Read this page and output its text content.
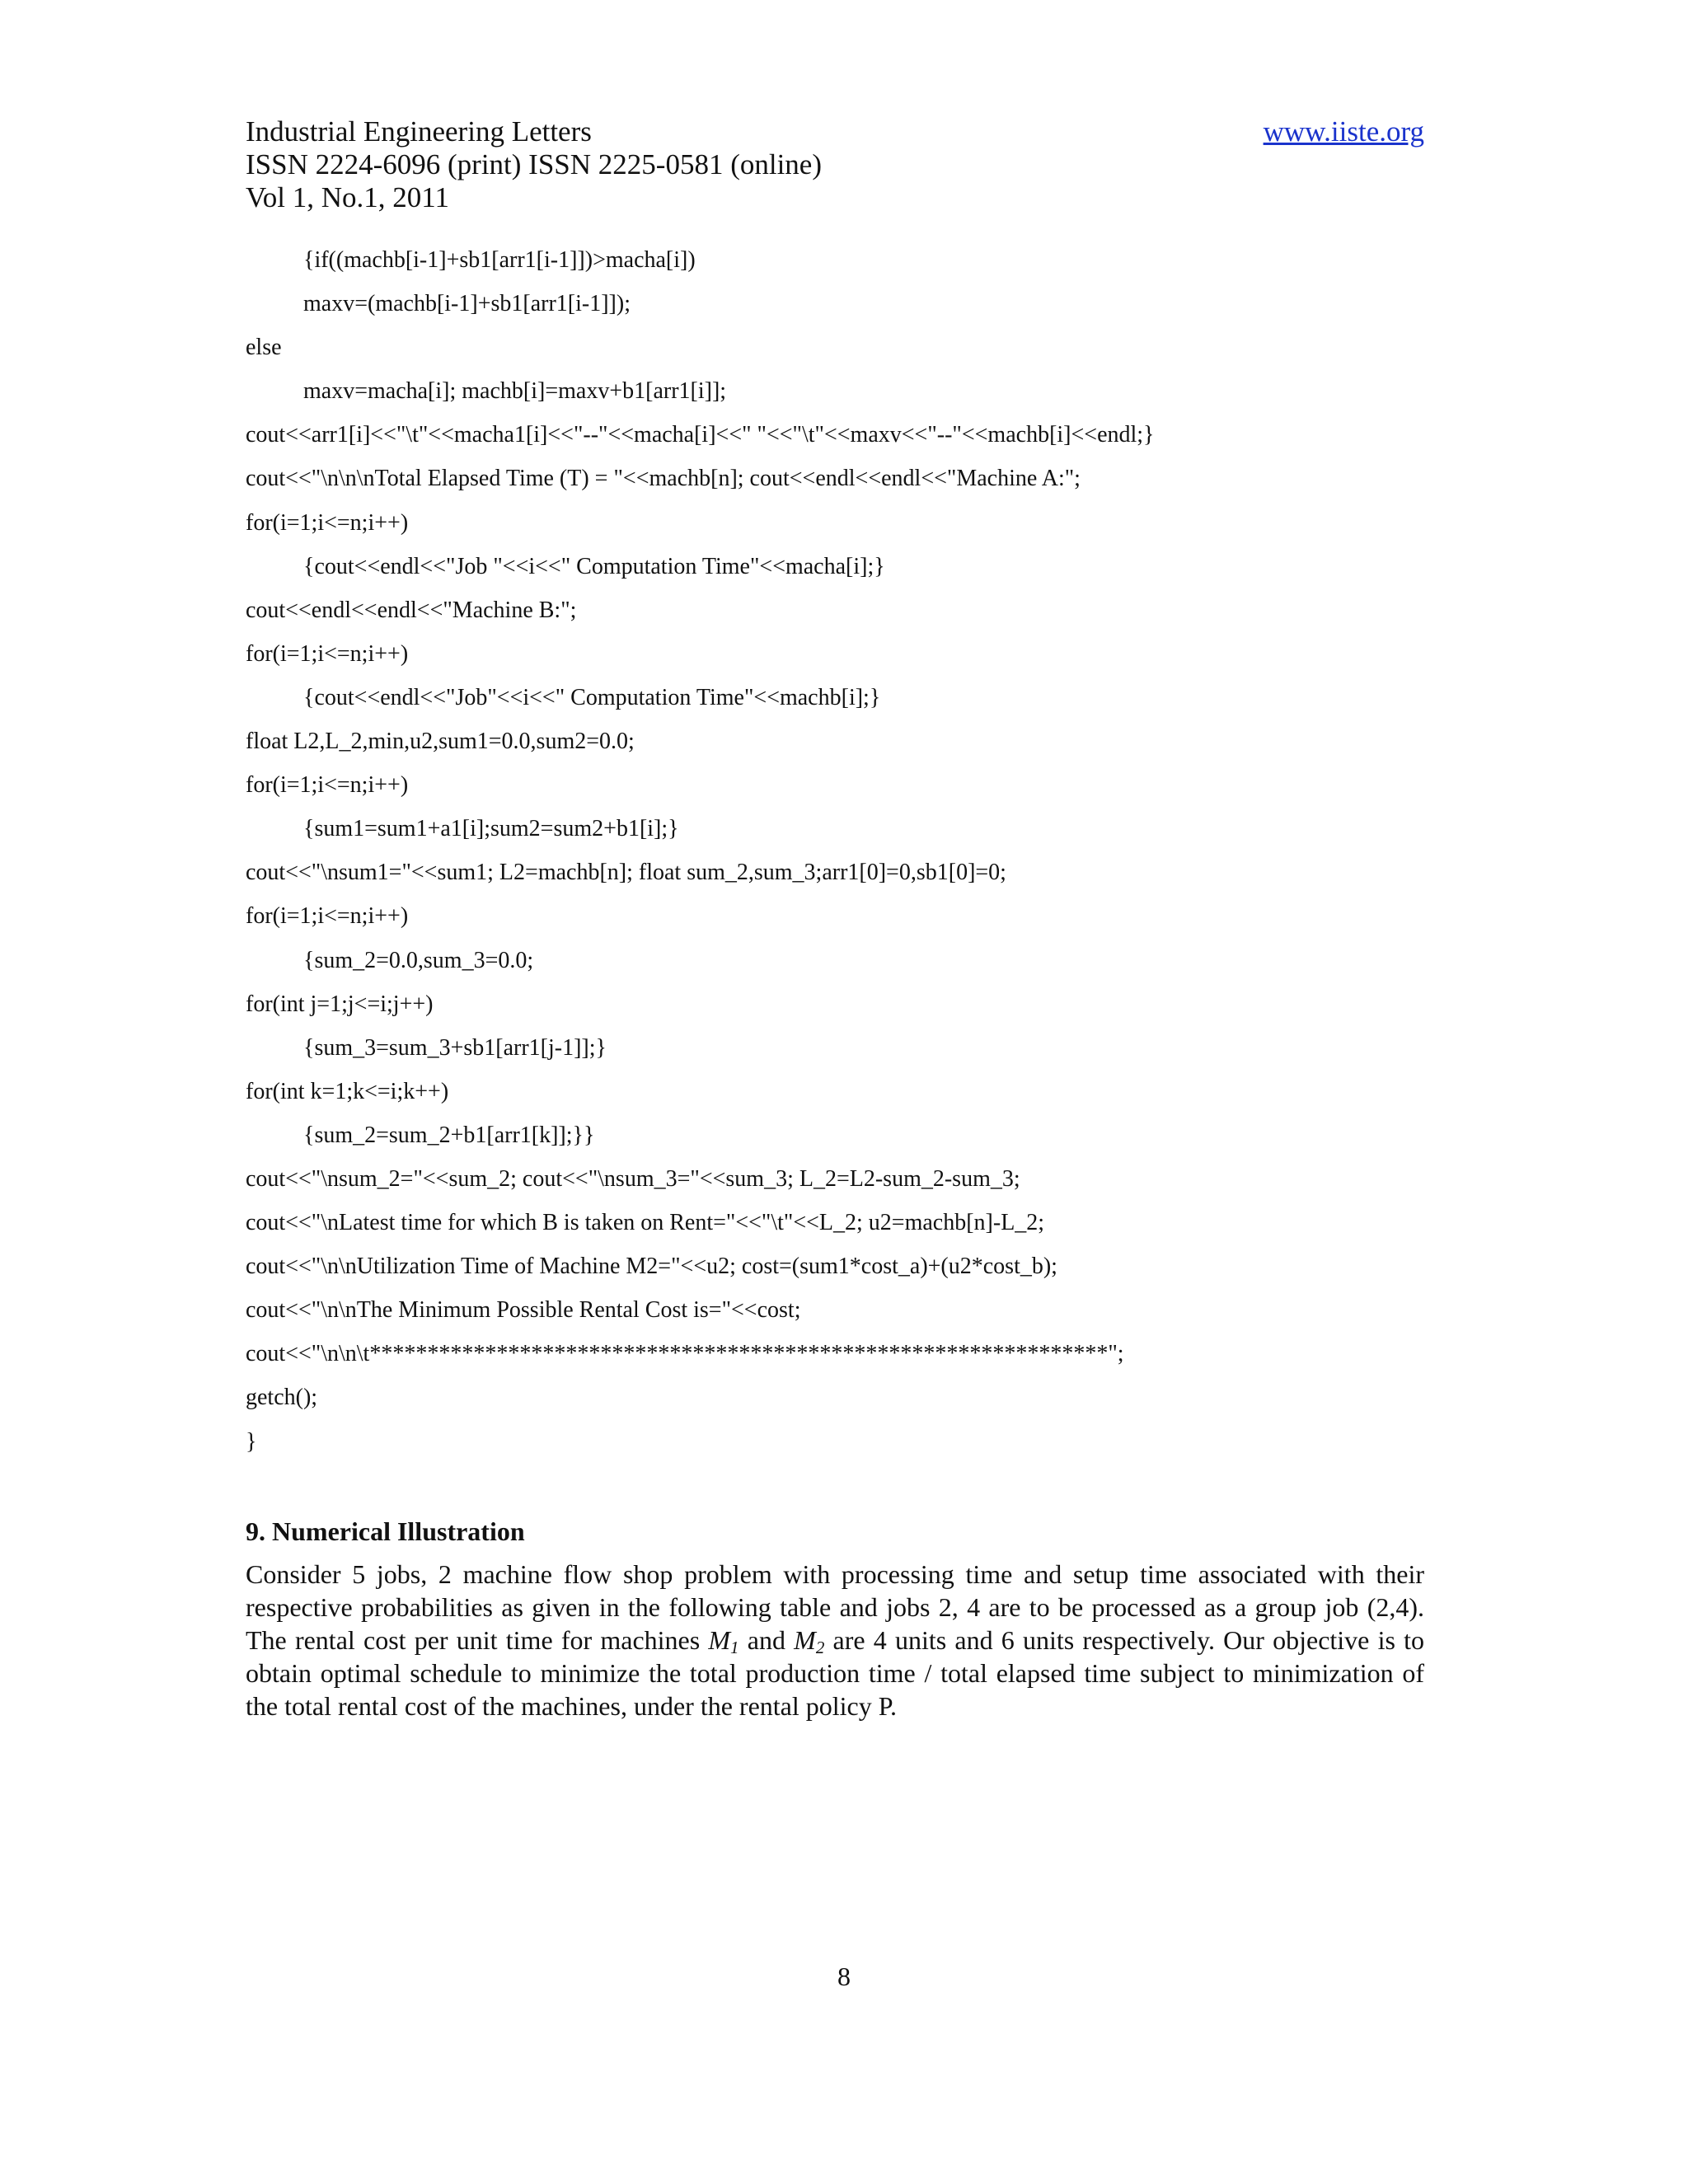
Industrial Engineering Letters	www.iiste.org
ISSN 2224-6096 (print) ISSN 2225-0581 (online)
Vol 1, No.1, 2011
{if((machb[i-1]+sb1[arr1[i-1]])>macha[i])
maxv=(machb[i-1]+sb1[arr1[i-1]]);
else
maxv=macha[i]; machb[i]=maxv+b1[arr1[i]];
cout<<arr1[i]<<"\t"<<macha1[i]<<"--"<<macha[i]<<" "<<"\t"<<maxv<<"--"<<machb[i]<<endl;}
cout<<"\n\n\nTotal Elapsed Time (T) = "<<machb[n]; cout<<endl<<endl<<"Machine A:";
for(i=1;i<=n;i++)
{cout<<endl<<"Job "<<i<<" Computation Time"<<macha[i];}
cout<<endl<<endl<<"Machine B:";
for(i=1;i<=n;i++)
{cout<<endl<<"Job"<<i<<" Computation Time"<<machb[i];}
float L2,L_2,min,u2,sum1=0.0,sum2=0.0;
for(i=1;i<=n;i++)
{sum1=sum1+a1[i];sum2=sum2+b1[i];}
cout<<"\nsum1="<<sum1; L2=machb[n]; float sum_2,sum_3;arr1[0]=0,sb1[0]=0;
for(i=1;i<=n;i++)
{sum_2=0.0,sum_3=0.0;
for(int j=1;j<=i;j++)
{sum_3=sum_3+sb1[arr1[j-1]];}
for(int k=1;k<=i;k++)
{sum_2=sum_2+b1[arr1[k]];}}
cout<<"\nsum_2="<<sum_2; cout<<"\nsum_3="<<sum_3; L_2=L2-sum_2-sum_3;
cout<<"\nLatest time for which B is taken on Rent="<<"\t"<<L_2; u2=machb[n]-L_2;
cout<<"\n\nUtilization Time of Machine M2="<<u2; cost=(sum1*cost_a)+(u2*cost_b);
cout<<"\n\nThe Minimum Possible Rental Cost is="<<cost;
cout<<"\n\n\t****************************************************************";
getch();
}
9. Numerical Illustration

Consider 5 jobs, 2 machine flow shop problem with processing time and setup time associated with their respective probabilities as given in the following table and jobs 2, 4 are to be processed as a group job (2,4). The rental cost per unit time for machines $M_1$ and $M_2$ are 4 units and 6 units respectively. Our objective is to obtain optimal schedule to minimize the total production time / total elapsed time subject to minimization of the total rental cost of the machines, under the rental policy P.

8
